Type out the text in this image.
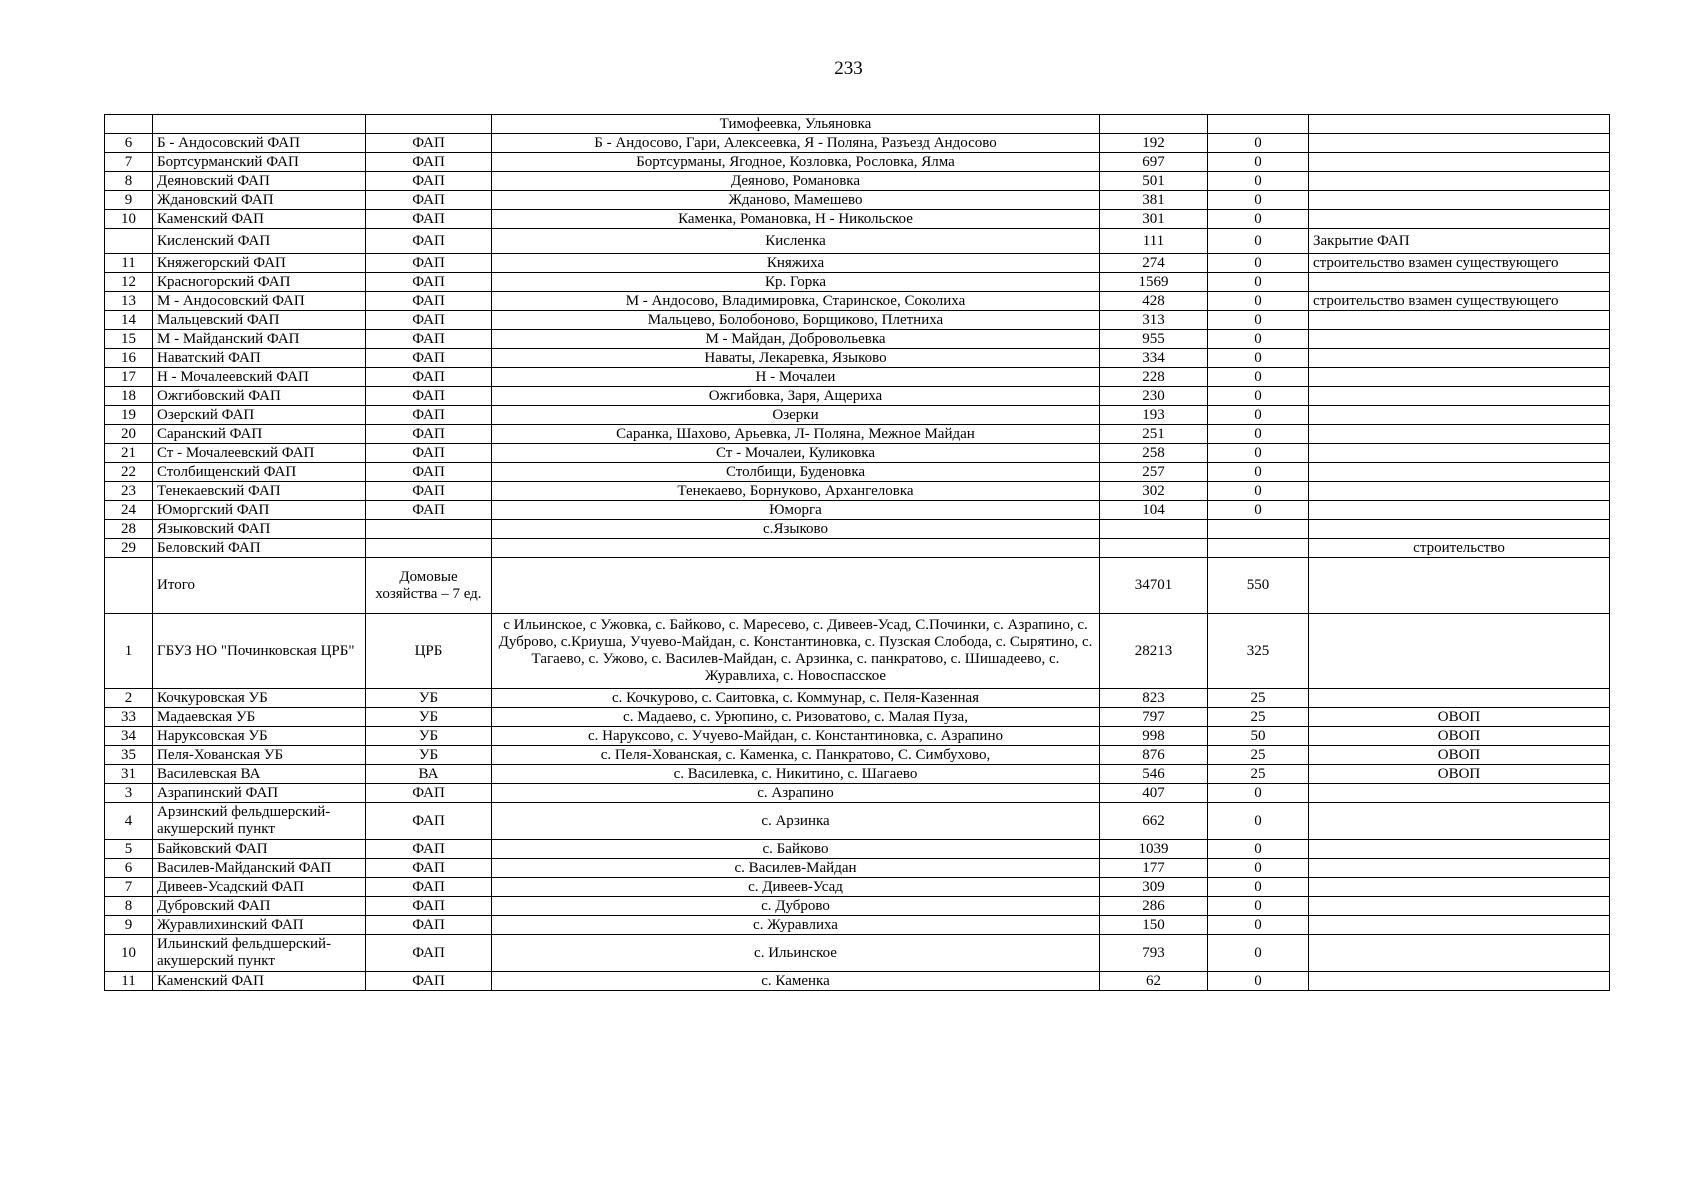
233
			Тимофеевка, Ульяновка			
6	Б - Андосовский ФАП	ФАП	Б - Андосово, Гари, Алексеевка, Я - Поляна, Разъезд Андосово	192	0	
7	Бортсурманский ФАП	ФАП	Бортсурманы, Ягодное, Козловка, Рословка, Ялма	697	0	
8	Деяновский ФАП	ФАП	Деяново, Романовка	501	0	
9	Ждановский ФАП	ФАП	Жданово, Мамешево	381	0	
10	Каменский ФАП	ФАП	Каменка, Романовка, Н - Никольское	301	0	
	Кисленский ФАП	ФАП	Кисленка	111	0	Закрытие ФАП
11	Княжегорский ФАП	ФАП	Княжиха	274	0	строительство взамен существующего
12	Красногорский ФАП	ФАП	Кр. Горка	1569	0	
13	М - Андосовский ФАП	ФАП	М - Андосово, Владимировка, Старинское, Соколиха	428	0	строительство взамен существующего
14	Мальцевский ФАП	ФАП	Мальцево, Болобоново, Борщиково, Плетниха	313	0	
15	М - Майданский ФАП	ФАП	М - Майдан, Добровольевка	955	0	
16	Наватский ФАП	ФАП	Наваты, Лекаревка, Языково	334	0	
17	Н - Мочалеевский ФАП	ФАП	Н - Мочалеи	228	0	
18	Ожгибовский ФАП	ФАП	Ожгибовка, Заря, Ащериха	230	0	
19	Озерский ФАП	ФАП	Озерки	193	0	
20	Саранский ФАП	ФАП	Саранка, Шахово, Арьевка, Л- Поляна, Межное Майдан	251	0	
21	Ст - Мочалеевский ФАП	ФАП	Ст - Мочалеи, Куликовка	258	0	
22	Столбищенский ФАП	ФАП	Столбищи, Буденовка	257	0	
23	Тенекаевский ФАП	ФАП	Тенекаево, Борнуково, Архангеловка	302	0	
24	Юморгский ФАП	ФАП	Юморга	104	0	
28	Языковский ФАП		с.Языково			
29	Беловский ФАП					строительство
	Итого	Домовые хозяйства – 7 ед.		34701	550	
1	ГБУЗ НО "Починковская ЦРБ"	ЦРБ	с Ильинское, с Ужовка, с. Байково, с. Маресево, с. Дивеев-Усад, С.Починки, с. Азрапино, с. Дуброво, с.Криуша, Учуево-Майдан, с. Константиновка, с. Пузская Слобода, с. Сырятино, с. Тагаево, с. Ужово, с. Василев-Майдан, с. Арзинка, с. панкратово, с. Шишадеево, с. Журавлиха, с. Новоспасское	28213	325	
2	Кочкуровская УБ	УБ	с. Кочкурово, с. Саитовка, с. Коммунар, с. Пеля-Казенная	823	25	
33	Мадаевская УБ	УБ	с. Мадаево, с. Урюпино, с. Ризоватово, с. Малая Пуза,	797	25	ОВОП
34	Наруксовская УБ	УБ	с. Наруксово, с. Учуево-Майдан, с. Константиновка, с. Азрапино	998	50	ОВОП
35	Пеля-Хованская УБ	УБ	с. Пеля-Хованская, с. Каменка, с. Панкратово, С. Симбухово,	876	25	ОВОП
31	Василевская ВА	ВА	с. Василевка, с. Никитино, с. Шагаево	546	25	ОВОП
3	Азрапинский ФАП	ФАП	с. Азрапино	407	0	
4	Арзинский фельдшерский-акушерский пункт	ФАП	с. Арзинка	662	0	
5	Байковский ФАП	ФАП	с. Байково	1039	0	
6	Василев-Майданский ФАП	ФАП	с. Василев-Майдан	177	0	
7	Дивеев-Усадский ФАП	ФАП	с. Дивеев-Усад	309	0	
8	Дубровский ФАП	ФАП	с. Дуброво	286	0	
9	Журавлихинский ФАП	ФАП	с. Журавлиха	150	0	
10	Ильинский фельдшерский-акушерский пункт	ФАП	с. Ильинское	793	0	
11	Каменский ФАП	ФАП	с. Каменка	62	0	
